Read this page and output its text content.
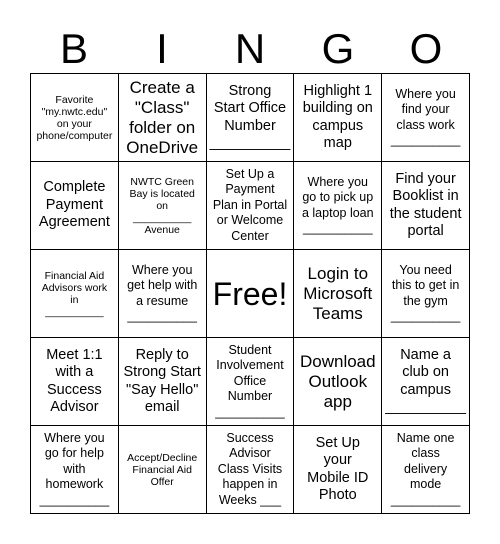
B	I	N	G	O
Favorite
"my.nwtc.edu"
on your
phone/computer
Create a
"Class"
folder on
OneDrive
Strong
Start Office
Number
__________
Highlight 1
building on
campus
map
Where you
find your
class work
__________
Complete
Payment
Agreement
NWTC Green
Bay is located
on
__________
Avenue
Set Up a
Payment
Plan in Portal
or Welcome
Center
Where you
go to pick up
a laptop loan
__________
Find your
Booklist in
the student
portal
Financial Aid
Advisors work
in
__________
Where you
get help with
a resume
__________
Free!
Login to
Microsoft
Teams
You need
this to get in
the gym
__________
Meet 1:1
with a
Success
Advisor
Reply to
Strong Start
"Say Hello"
email
Student
Involvement
Office
Number
__________
Download
Outlook
app
Name a
club on
campus
__________
Where you
go for help
with
homework
__________
Accept/Decline
Financial Aid
Offer
Success
Advisor
Class Visits
happen in
Weeks ___
Set Up
your
Mobile ID
Photo
Name one
class
delivery
mode
__________
